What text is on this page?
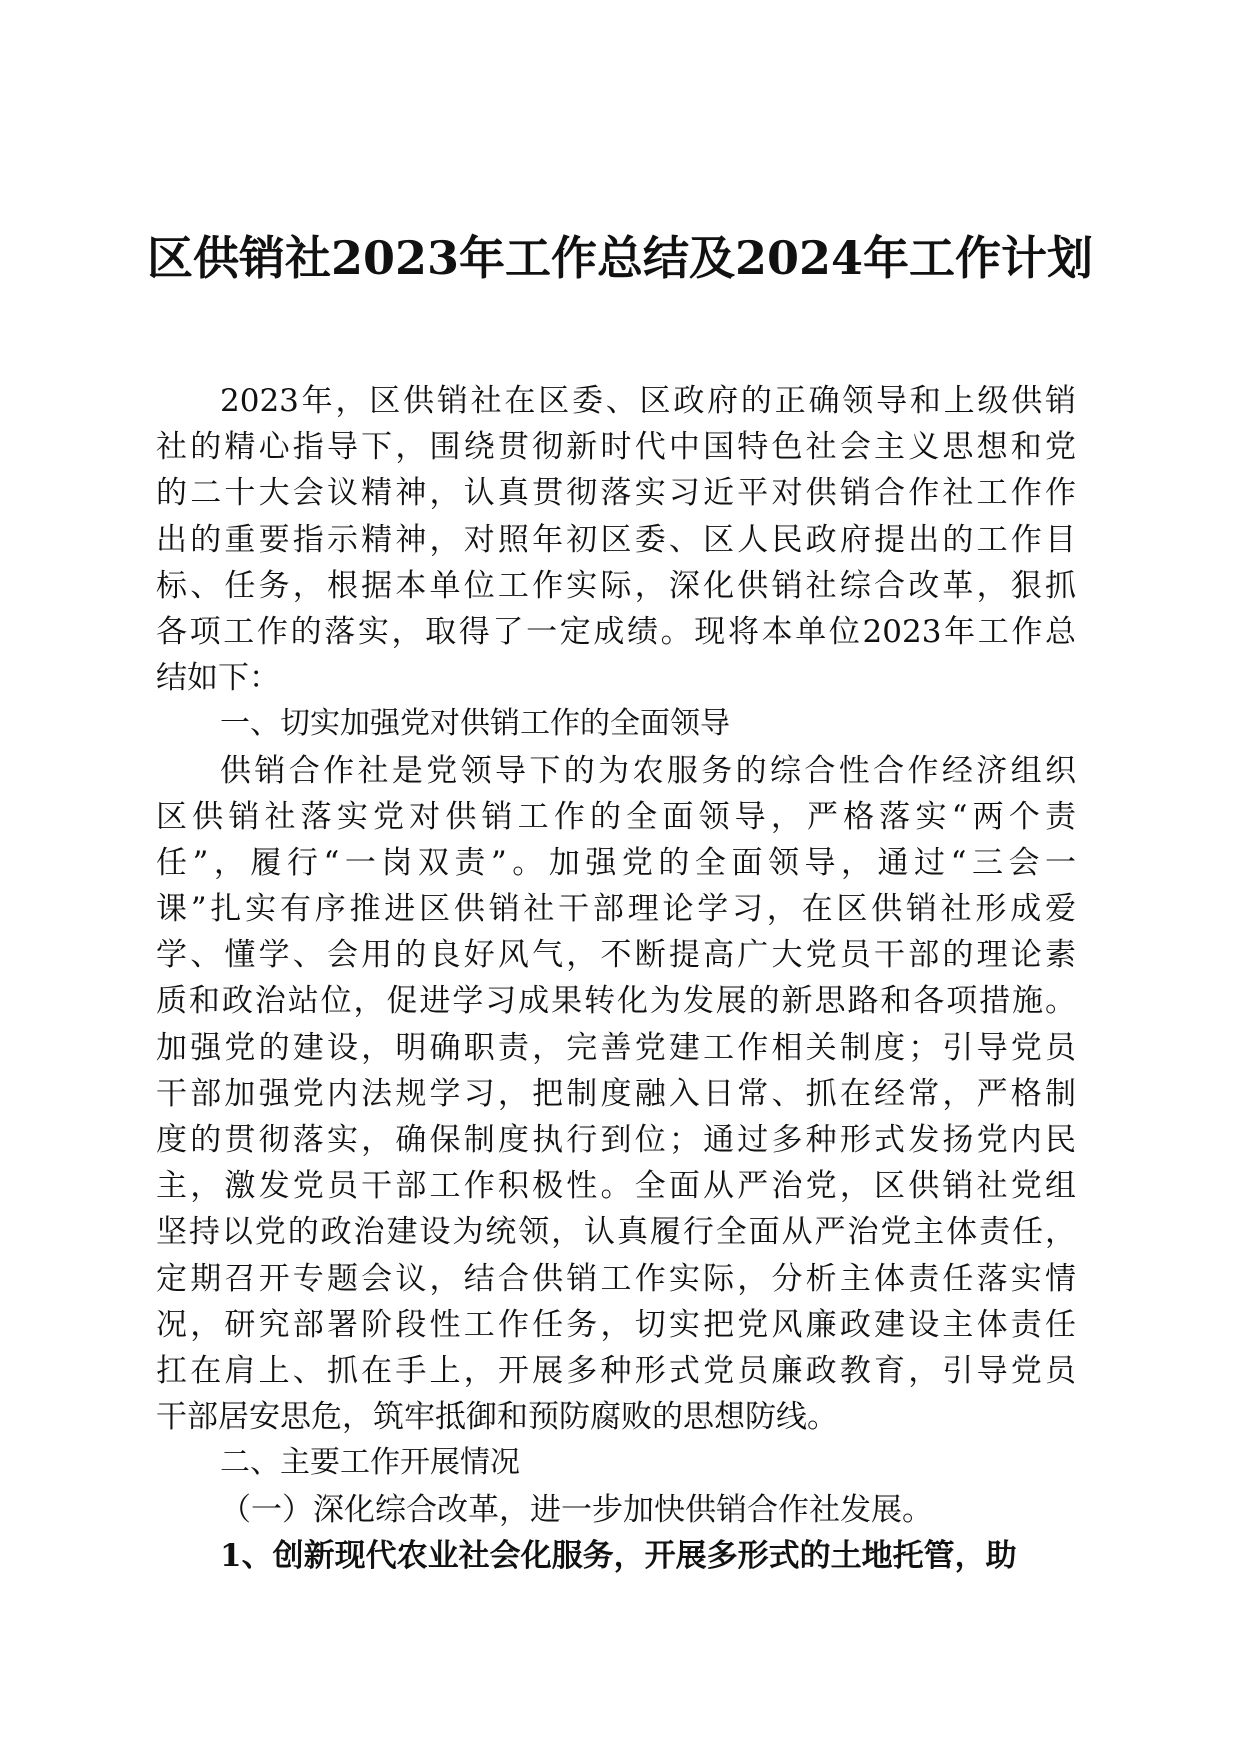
区供销社2023年工作总结及2024年工作计划
2023年，区供销社在区委、区政府的正确领导和上级供销
社的精心指导下，围绕贯彻新时代中国特色社会主义思想和党
的二十大会议精神，认真贯彻落实习近平对供销合作社工作作
出的重要指示精神，对照年初区委、区人民政府提出的工作目
标、任务，根据本单位工作实际，深化供销社综合改革，狠抓
各项工作的落实，取得了一定成绩。现将本单位2023年工作总
结如下：
一、切实加强党对供销工作的全面领导
供销合作社是党领导下的为农服务的综合性合作经济组织
区供销社落实党对供销工作的全面领导，严格落实“两个责
任”，履行“一岗双责”。加强党的全面领导，通过“三会一
课”扎实有序推进区供销社干部理论学习，在区供销社形成爱
学、懂学、会用的良好风气，不断提高广大党员干部的理论素
质和政治站位，促进学习成果转化为发展的新思路和各项措施。
加强党的建设，明确职责，完善党建工作相关制度；引导党员
干部加强党内法规学习，把制度融入日常、抓在经常，严格制
度的贯彻落实，确保制度执行到位；通过多种形式发扬党内民
主，激发党员干部工作积极性。全面从严治党，区供销社党组
坚持以党的政治建设为统领，认真履行全面从严治党主体责任，
定期召开专题会议，结合供销工作实际，分析主体责任落实情
况，研究部署阶段性工作任务，切实把党风廉政建设主体责任
扛在肩上、抓在手上，开展多种形式党员廉政教育，引导党员
干部居安思危，筑牢抵御和预防腐败的思想防线。
二、主要工作开展情况
（一）深化综合改革，进一步加快供销合作社发展。
1、创新现代农业社会化服务，开展多形式的土地托管，助
